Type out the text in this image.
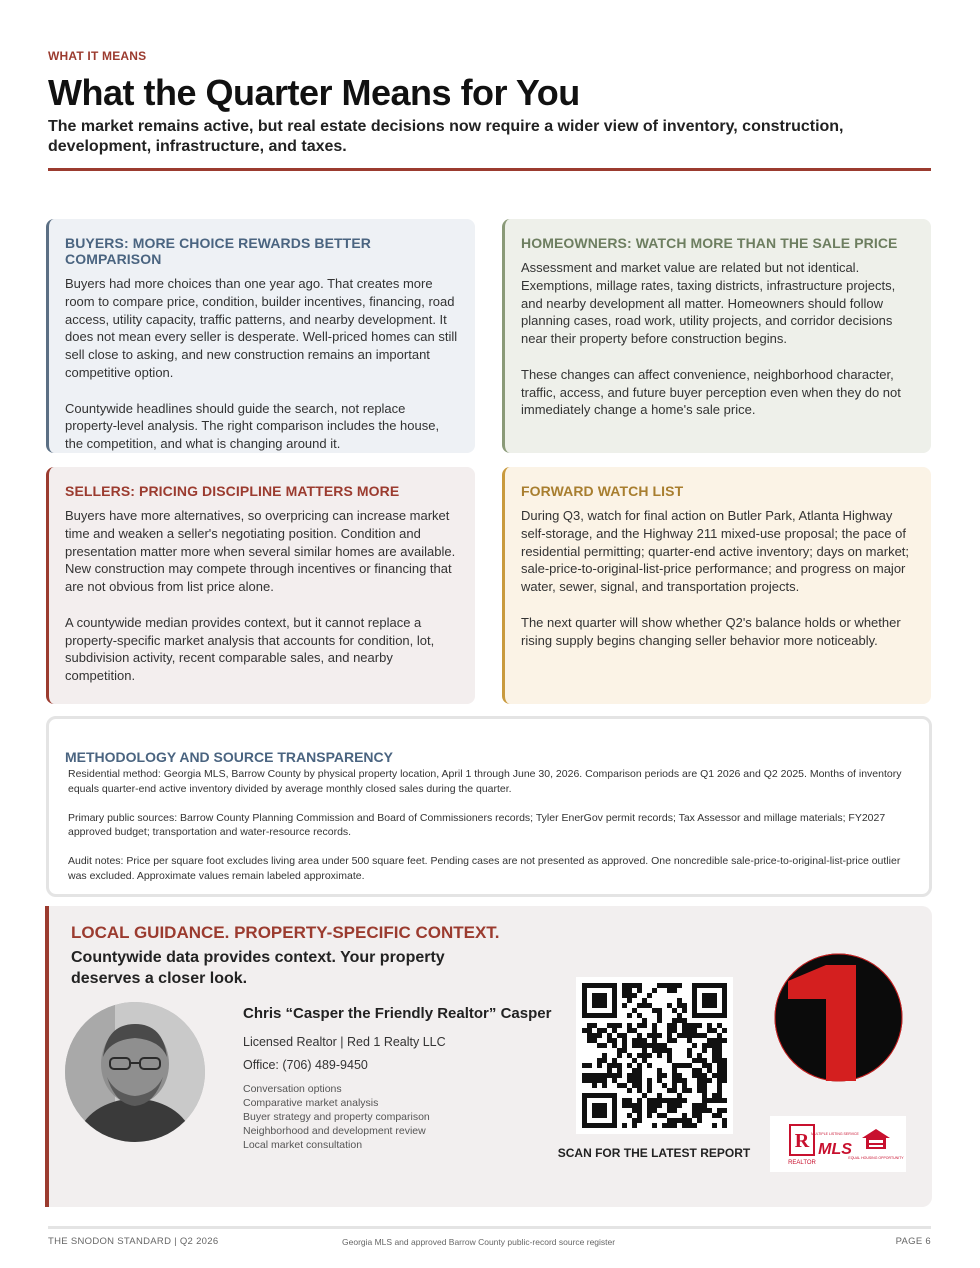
WHAT IT MEANS
What the Quarter Means for You
The market remains active, but real estate decisions now require a wider view of inventory, construction, development, infrastructure, and taxes.
BUYERS: MORE CHOICE REWARDS BETTER COMPARISON

Buyers had more choices than one year ago. That creates more room to compare price, condition, builder incentives, financing, road access, utility capacity, traffic patterns, and nearby development. It does not mean every seller is desperate. Well-priced homes can still sell close to asking, and new construction remains an important competitive option.

Countywide headlines should guide the search, not replace property-level analysis. The right comparison includes the house, the competition, and what is changing around it.

HOMEOWNERS: WATCH MORE THAN THE SALE PRICE

Assessment and market value are related but not identical. Exemptions, millage rates, taxing districts, infrastructure projects, and nearby development all matter. Homeowners should follow planning cases, road work, utility projects, and corridor decisions near their property before construction begins.

These changes can affect convenience, neighborhood character, traffic, access, and future buyer perception even when they do not immediately change a home's sale price.

SELLERS: PRICING DISCIPLINE MATTERS MORE

Buyers have more alternatives, so overpricing can increase market time and weaken a seller's negotiating position. Condition and presentation matter more when several similar homes are available. New construction may compete through incentives or financing that are not obvious from list price alone.

A countywide median provides context, but it cannot replace a property-specific market analysis that accounts for condition, lot, subdivision activity, recent comparable sales, and nearby competition.

FORWARD WATCH LIST

During Q3, watch for final action on Butler Park, Atlanta Highway self-storage, and the Highway 211 mixed-use proposal; the pace of residential permitting; quarter-end active inventory; days on market; sale-price-to-original-list-price performance; and progress on major water, sewer, signal, and transportation projects.

The next quarter will show whether Q2's balance holds or whether rising supply begins changing seller behavior more noticeably.

METHODOLOGY AND SOURCE TRANSPARENCY

Residential method: Georgia MLS, Barrow County by physical property location, April 1 through June 30, 2026. Comparison periods are Q1 2026 and Q2 2025. Months of inventory equals quarter-end active inventory divided by average monthly closed sales during the quarter.

Primary public sources: Barrow County Planning Commission and Board of Commissioners records; Tyler EnerGov permit records; Tax Assessor and millage materials; FY2027 approved budget; transportation and water-resource records.

Audit notes: Price per square foot excludes living area under 500 square feet. Pending cases are not presented as approved. One noncredible sale-price-to-original-list-price outlier was excluded. Approximate values remain labeled approximate.

LOCAL GUIDANCE. PROPERTY-SPECIFIC CONTEXT.
Countywide data provides context. Your property deserves a closer look.
Chris “Casper the Friendly Realtor” Casper
Licensed Realtor | Red 1 Realty LLC
Office: (706) 489-9450
Conversation options
Comparative market analysis
Buyer strategy and property comparison
Neighborhood and development review
Local market consultation
SCAN FOR THE LATEST REPORT
R
REALTOR
MULTIPLE LISTING SERVICE
MLS
EQUAL HOUSING OPPORTUNITY
THE SNODON STANDARD | Q2 2026	Georgia MLS and approved Barrow County public-record source register	PAGE 6
